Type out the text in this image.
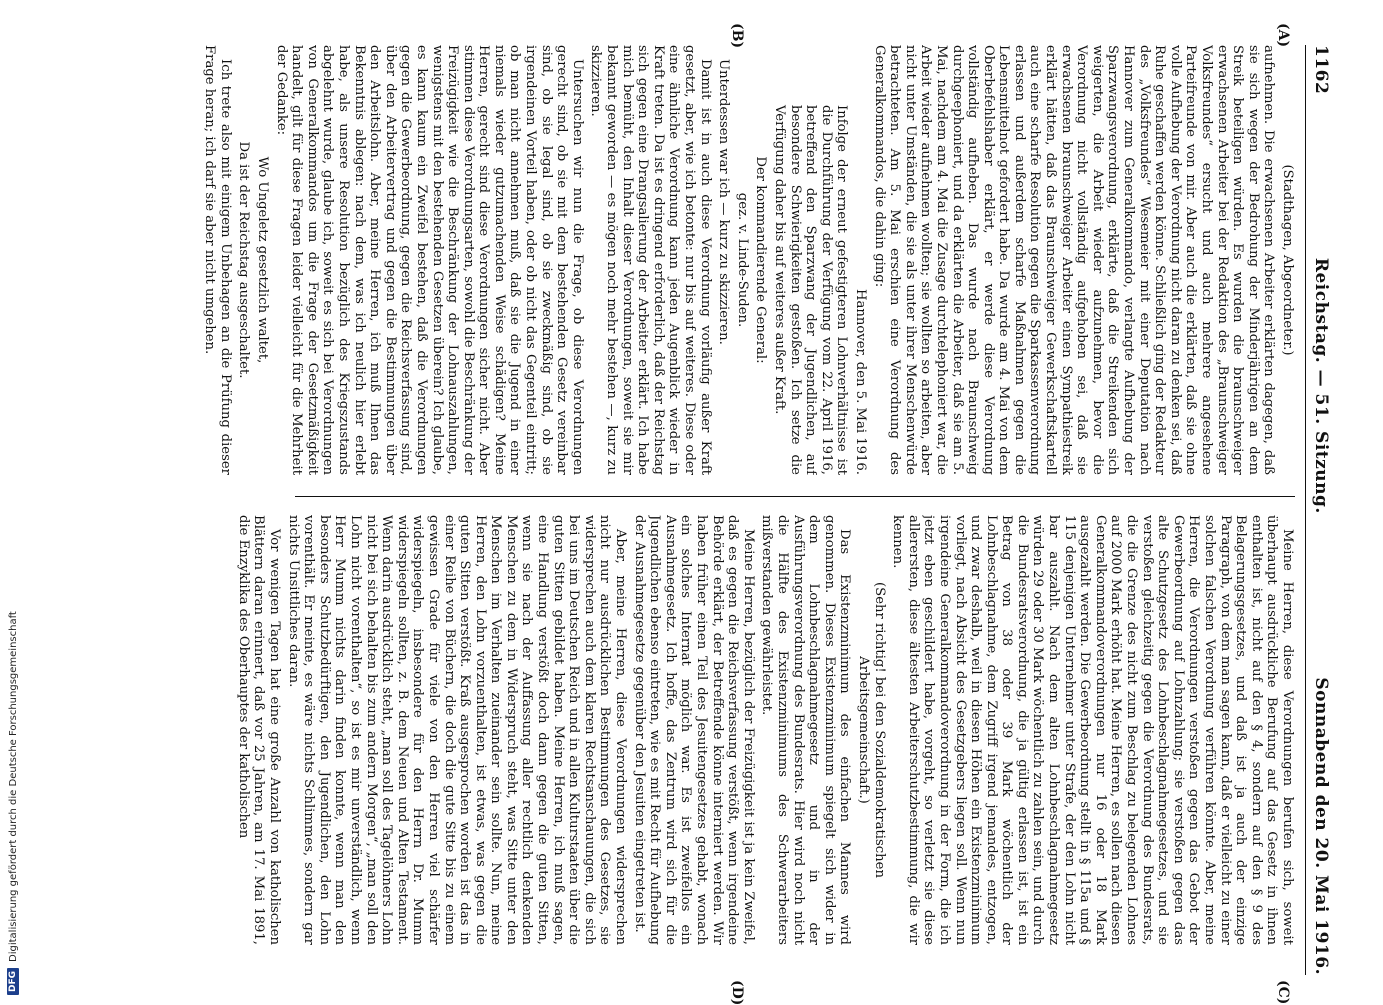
1162
Reichstag. — 51. Sitzung.
Sonnabend den 20. Mai 1916.
(A)
(B)
(C)
(D)

(Stadthagen, Abgeordneter.)

aufnehmen. Die erwachsenen Arbeiter erklärten dagegen, daß sie sich wegen der Bedrohung der Minderjährigen an dem Streik beteiligen würden. Es wurden die braunschweiger erwachsenen Arbeiter bei der Redaktion des „Braunschweiger Volksfreundes“ ersucht und auch mehrere angesehene Parteifreunde von mir. Aber auch die erklärten, daß sie ohne volle Aufhebung der Verordnung nicht daran zu denken sei, daß Ruhe geschaffen werden könne. Schließlich ging der Redakteur des „Volksfreundes“ Wesemeier mit einer Deputation nach Hannover zum Generalkommando, verlangte Aufhebung der Sparzwangsverordnung, erklärte, daß die Streikenden sich weigerten, die Arbeit wieder aufzunehmen, bevor die Verordnung nicht vollständig aufgehoben sei, daß sie erwachsenen braunschweiger Arbeiter einen Sympathiestreik erklärt hätten, daß das Braunschweiger Gewerkschaftskartell auch eine scharfe Resolution gegen die Sparkassenverordnung erlassen und außerdem scharfe Maßnahmen gegen die Lebensmittelnot gefordert habe. Da wurde am 4. Mai von dem Oberbefehlshaber erklärt, er werde diese Verordnung vollständig aufheben. Das wurde nach Braunschweig durchgeephoniert, und da erklärten die Arbeiter, daß sie am 5. Mai, nachdem am 4. Mai die Zusage durchtelephoniert war, die Arbeit wieder aufnehmen wollten; sie wollten so arbeiten, aber nicht unter Umständen, die sie als unter ihrer Menschenwürde betrachteten. Am 5. Mai erschien eine Verordnung des Generalkommandos, die dahin ging:

Hannover, den 5. Mai 1916.

Infolge der erneut gefestigteren Lohnverhältnisse ist die Durchführung der Verfügung vom 22. April 1916, betreffend den Sparzwang der Jugendlichen, auf besondere Schwierigkeiten gestoßen. Ich setze die Verfügung daher bis auf weiteres außer Kraft.

Der kommandierende General:

gez. v. Linde-Suden.

Unterdessen war ich — kurz zu skizzieren.

Damit ist in auch diese Verordnung vorläufig außer Kraft gesetzt, aber, wie ich betonte: nur bis auf weiteres. Diese oder eine ähnliche Verordnung kann jeden Augenblick wieder in Kraft treten. Da ist es dringend erforderlich, daß der Reichstag sich gegen eine Drangsalierung der Arbeiter erklärt. Ich habe mich bemüht, den Inhalt dieser Verordnungen, soweit sie mir bekannt geworden — es mögen noch mehr bestehen —, kurz zu skizzieren.

Untersuchen wir nun die Frage, ob diese Verordnungen gerecht sind, ob sie mit dem bestehenden Gesetz vereinbar sind, ob sie legal sind, ob sie zweckmäßig sind, ob sie irgendeinen Vorteil haben, oder ob nicht das Gegenteil eintritt; ob man nicht annehmen muß, daß sie die Jugend in einer niemals wieder gutzumachenden Weise schädigen? Meine Herren, gerecht sind diese Verordnungen sicher nicht. Aber stimmen diese Verordnungsarten, sowohl die Beschränkung der Freizügigkeit wie die Beschränkung der Lohnauszahlungen, wenigstens mit den bestehenden Gesetzen überein? Ich glaube, es kann kaum ein Zweifel bestehen, daß die Verordnungen gegen die Gewerbeordnung, gegen die Reichsverfassung sind, über den Arbeitervertrag und gegen die Bestimmungen über den Arbeitslohn. Aber, meine Herren, ich muß Ihnen das Bekenntnis ablegen: nach dem, was ich neulich hier erlebt habe, als unsere Resolution bezüglich des Kriegszustands abgelehnt wurde, glaube ich, soweit es sich bei Verordnungen von Generalkommandos um die Frage der Gesetzmäßigkeit handelt, gilt für diese Fragen leider vielleicht für die Mehrheit der Gedanke:

Wo Ungeletz gesetzlich waltet,

Da ist der Reichstag ausgeschaltet.

Ich trete also mit einigem Unbehagen an die Prüfung dieser Frage heran; ich darf sie aber nicht umgehen.

Meine Herren, diese Verordnungen berufen sich, soweit überhaupt ausdrückliche Berufung auf das Gesetz in ihnen enthalten ist, nicht auf den § 4, sondern auf den § 9 des Belagerungsgesetzes, und daß ist ja auch der einzige Paragraph, von dem man sagen kann, daß er vielleicht zu einer solchen falschen Verordnung verführen könnte. Aber, meine Herren, die Verordnungen verstoßen gegen das Gebot der Gewerbeordnung auf Lohnzahlung; sie verstoßen gegen das alte Schutzgesetz des Lohnbeschlagnahmegesetzes, und sie verstoßen gleichzeitig gegen die Verordnung des Bundesrats, die die Grenze des nicht zum Beschlag zu belegenden Lohnes auf 2000 Mark erhöht hat. Meine Herren, es sollen nach diesen Generalkommandoverordnungen nur 16 oder 18 Mark ausgezahlt werden. Die Gewerbeordnung stellt in § 115a und § 115 denjenigen Unternehmer unter Strafe, der den Lohn nicht bar auszahlt. Nach dem alten Lohnbeschlagnahmegesetz würden 29 oder 30 Mark wöchentlich zu zahlen sein, und durch die Bundesratsverordnung, die ja gültig erlassen ist, ist ein Betrag von 38 oder 39 Mark wöchentlich der Lohnbeschlagnahme, dem Zugriff irgend jemandes, entzogen, und zwar deshalb, weil in diesen Höhen ein Existenzminimum vorliegt, nach Absicht des Gesetzgebers liegen soll. Wenn nun irgendeine Generalkommandoverordnung in der Form, die ich jetzt eben geschildert habe, vorgeht, so verletzt sie diese allerersten, diese ältesten Arbeiterschutzbestimmung, die wir kennen.

(Sehr richtig! bei den Sozialdemokratischen Arbeitsgemeinschaft.)

Das Existenzminimum des einfachen Mannes wird genommen. Dieses Existenzminimum spiegelt sich wider in dem Lohnbeschlagnahmegesetz und in der Ausführungsverordnung des Bundesrats. Hier wird noch nicht die Hälfte des Existenzminimums des Schwerarbeiters mißverstanden gewährleistet.

Meine Herren, bezüglich der Freizügigkeit ist ja kein Zweifel, daß es gegen die Reichsverfassung verstößt, wenn irgendeine Behörde erklärt, der Betreffende könne interniert werden. Wir haben früher einen Teil des Jesuitengesetzes gehabt, wonach ein solches Internat möglich war. Es ist zweifellos ein Ausnahmegesetz. Ich hoffe, das Zentrum wird sich für die Jugendlichen ebenso eintreten, wie es mit Recht für Aufhebung der Ausnahmegesetze gegenüber den Jesuiten eingetreten ist.

Aber, meine Herren, diese Verordnungen widersprechen nicht nur ausdrücklichen Bestimmungen des Gesetzes, sie widersprechen auch dem klaren Rechtsanschauungen, die sich bei uns im Deutschen Reich und in allen Kulturstaaten über die guten Sitten gebildet haben. Meine Herren, ich muß sagen, eine Handlung verstößt doch dann gegen die guten Sitten, wenn sie nach der Auffassung aller rechtlich denkenden Menschen zu dem in Widerspruch steht, was Sitte unter den Menschen im Verhalten zueinander sein sollte. Nun, meine Herren, den Lohn vorzuenthalten, ist etwas, was gegen die guten Sitten verstößt. Kraß ausgesprochen worden ist das in einer Reihe von Büchern, die doch die gute Sitte bis zu einem gewissen Grade für viele von den Herren viel schärfer widerspiegeln, insbesondere für den Herrn Dr. Mumm widerspiegeln sollten, z. B. dem Neuen und Alten Testament. Wenn darin ausdrücklich steht, „man soll des Tagelöhners Lohn nicht bei sich behalten bis zum andern Morgen“, „man soll den Lohn nicht vorenthalten“, so ist es mir unverständlich, wenn Herr Mumm nichts darin finden konnte, wenn man den besonders Schutzbedürftigen, den Jugendlichen, den Lohn vorenthält. Er meinte, es wäre nichts Schlimmes, sondern gar nichts Unsittliches daran.

Vor wenigen Tagen hat eine große Anzahl von katholischen Blättern daran erinnert, daß vor 25 Jahren, am 17. Mai 1891, die Enzyklika des Oberhauptes der katholischen

DFG
Digitalisierung gefördert durch die Deutsche Forschungsgemeinschaft
